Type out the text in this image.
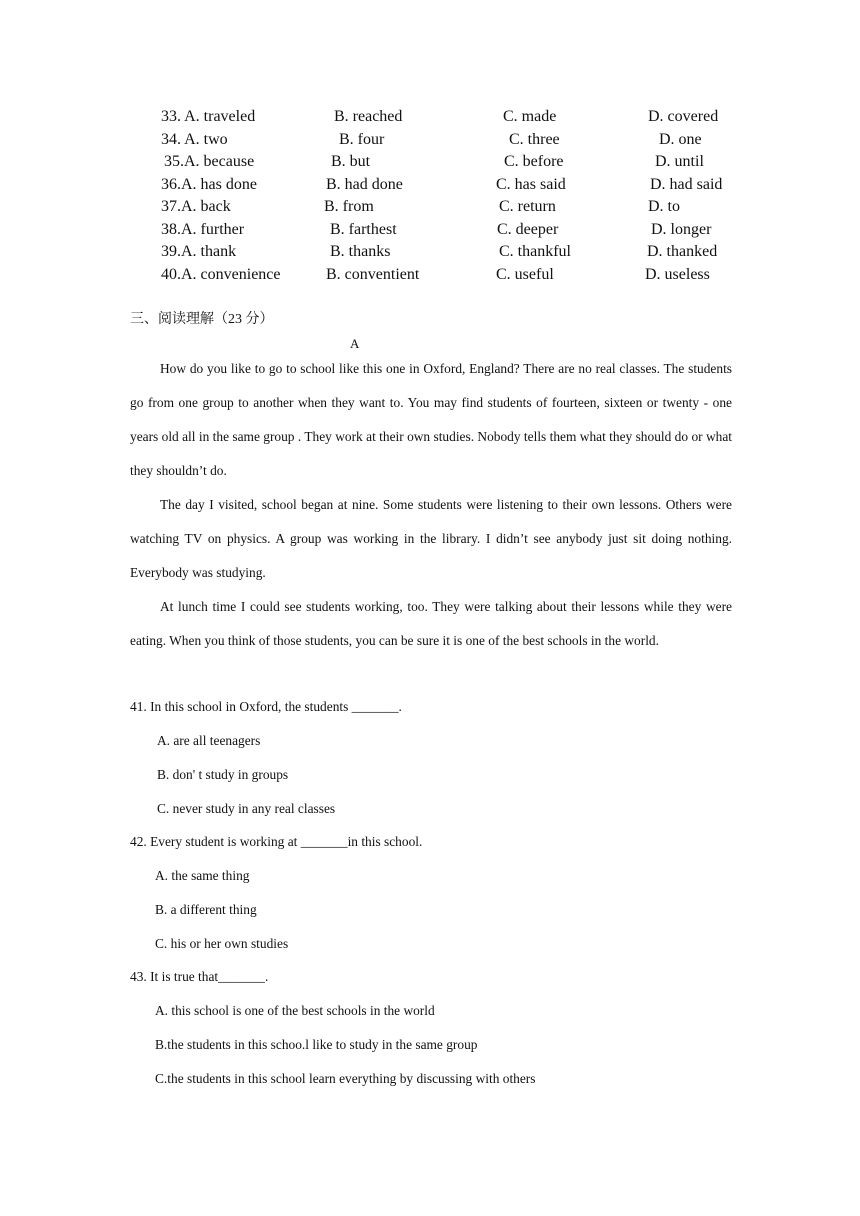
33. A. traveled	B. reached	C. made	D. covered
34. A. two	B. four	C. three	D. one
35.A. because	B. but	C. before	D. until
36.A. has done	B. had done	C. has said	D. had said
37.A. back	B. from	C. return	D. to
38.A. further	B. farthest	C. deeper	D. longer
39.A. thank	B. thanks	C. thankful	D. thanked
40.A. convenience	B. conventient	C. useful	D. useless
三、阅读理解（23 分）
A

How do you like to go to school like this one in Oxford, England? There are no real classes. The students go from one group to another when they want to. You may find students of fourteen, sixteen or twenty - one years old all in the same group . They work at their own studies. Nobody tells them what they should do or what they shouldn’t do.

The day I visited, school began at nine. Some students were listening to their own lessons. Others were watching TV on physics. A group was working in the library. I didn’t see anybody just sit doing nothing. Everybody was studying.

At lunch time I could see students working, too. They were talking about their lessons while they were eating. When you think of those students, you can be sure it is one of the best schools in the world.

41. In this school in Oxford, the students _______.
A. are all teenagers
B. don' t study in groups
C. never study in any real classes
42. Every student is working at _______in this school.
A. the same thing
B. a different thing
C. his or her own studies
43. It is true that_______.
A. this school is one of the best schools in the world
B.the students in this schoo.l like to study in the same group
C.the students in this school learn everything by discussing with others
